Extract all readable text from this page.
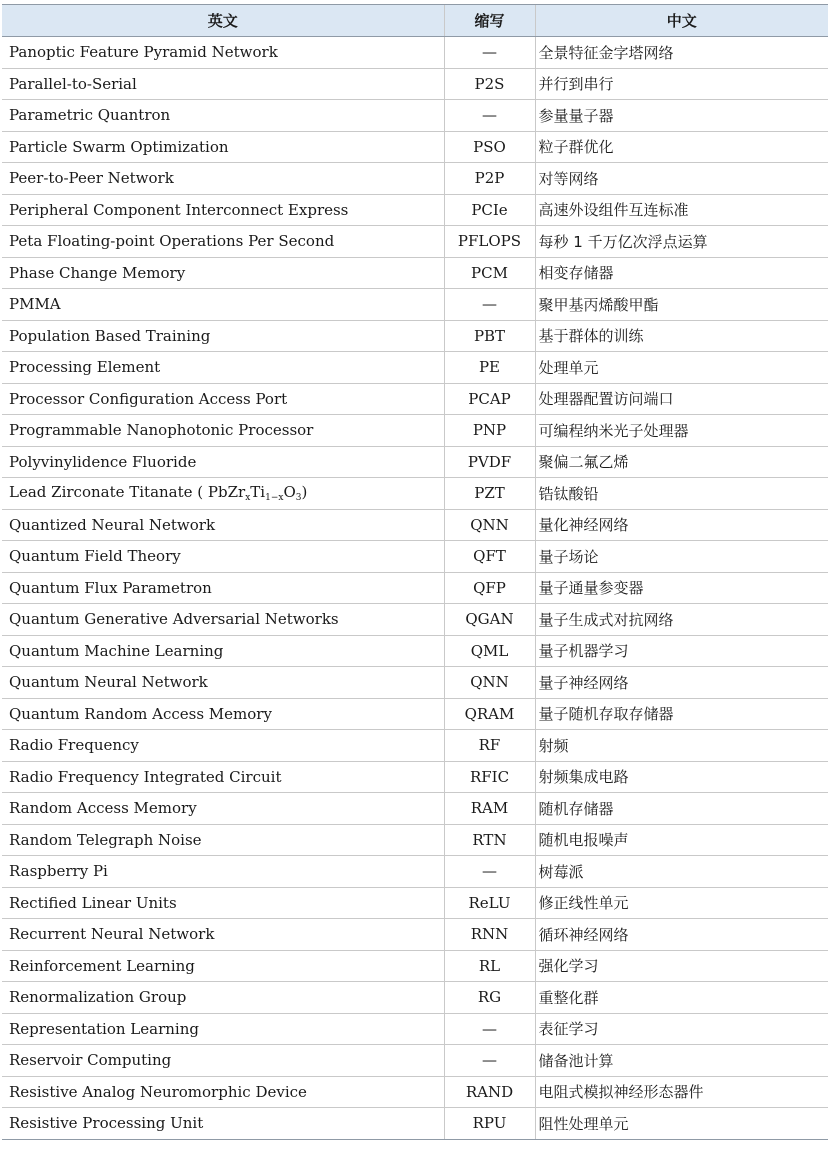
英文	缩写	中文
Panoptic Feature Pyramid Network	—	全景特征金字塔网络
Parallel-to-Serial	P2S	并行到串行
Parametric Quantron	—	参量量子器
Particle Swarm Optimization	PSO	粒子群优化
Peer-to-Peer Network	P2P	对等网络
Peripheral Component Interconnect Express	PCIe	高速外设组件互连标准
Peta Floating-point Operations Per Second	PFLOPS	每秒 1 千万亿次浮点运算
Phase Change Memory	PCM	相变存储器
PMMA	—	聚甲基丙烯酸甲酯
Population Based Training	PBT	基于群体的训练
Processing Element	PE	处理单元
Processor Configuration Access Port	PCAP	处理器配置访问端口
Programmable Nanophotonic Processor	PNP	可编程纳米光子处理器
Polyvinylidence Fluoride	PVDF	聚偏二氟乙烯
Lead Zirconate Titanate ( $PbZr_xTi_{1-x}O_3$)	PZT	锆钛酸铅
Quantized Neural Network	QNN	量化神经网络
Quantum Field Theory	QFT	量子场论
Quantum Flux Parametron	QFP	量子通量参变器
Quantum Generative Adversarial Networks	QGAN	量子生成式对抗网络
Quantum Machine Learning	QML	量子机器学习
Quantum Neural Network	QNN	量子神经网络
Quantum Random Access Memory	QRAM	量子随机存取存储器
Radio Frequency	RF	射频
Radio Frequency Integrated Circuit	RFIC	射频集成电路
Random Access Memory	RAM	随机存储器
Random Telegraph Noise	RTN	随机电报噪声
Raspberry Pi	—	树莓派
Rectified Linear Units	ReLU	修正线性单元
Recurrent Neural Network	RNN	循环神经网络
Reinforcement Learning	RL	强化学习
Renormalization Group	RG	重整化群
Representation Learning	—	表征学习
Reservoir Computing	—	储备池计算
Resistive Analog Neuromorphic Device	RAND	电阻式模拟神经形态器件
Resistive Processing Unit	RPU	阻性处理单元
